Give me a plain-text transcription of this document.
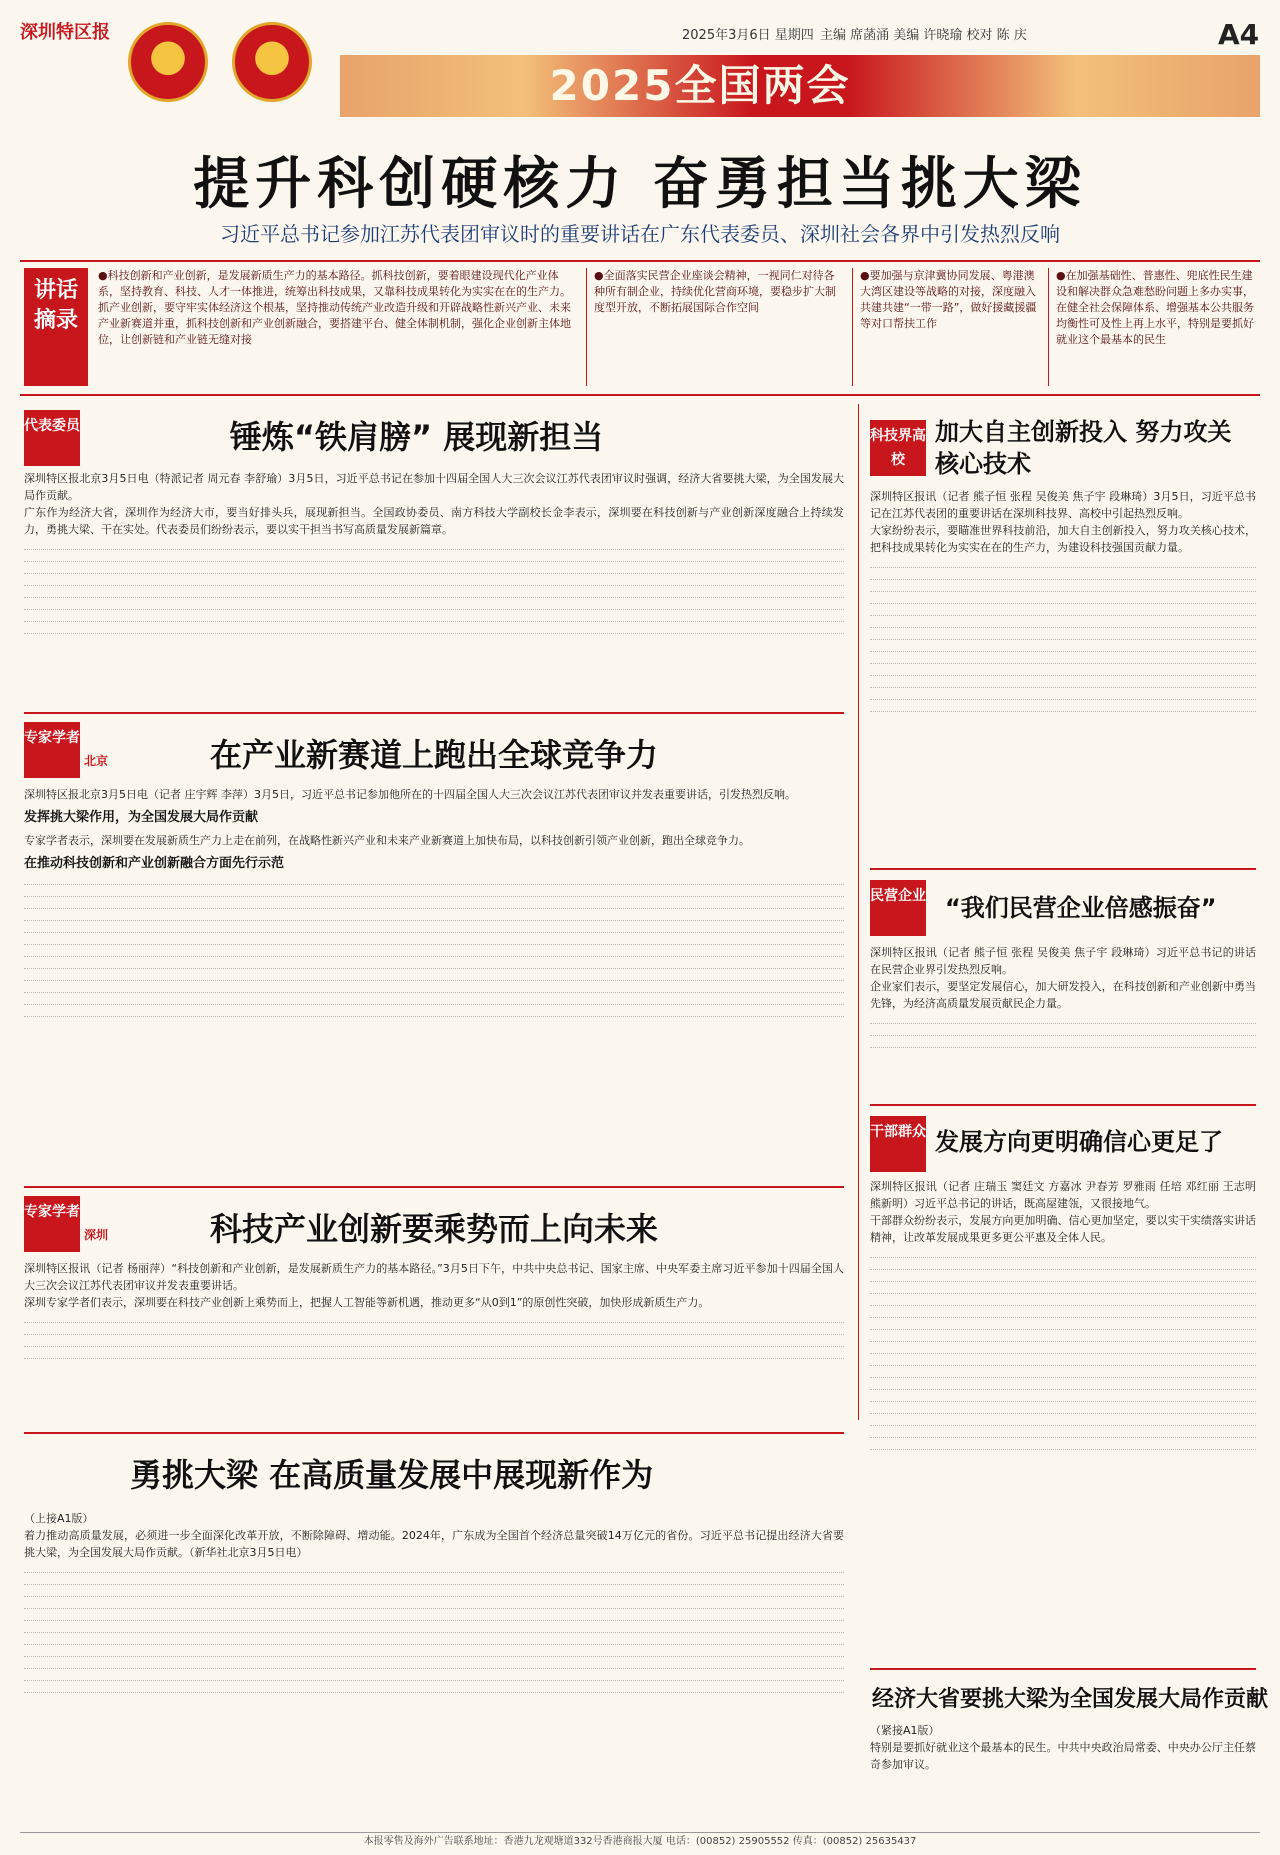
深圳特区报	2025年3月6日 星期四 主编 席菡涌 美编 许晓瑜 校对 陈 庆	A4
2025全国两会
提升科创硬核力 奋勇担当挑大梁
习近平总书记参加江苏代表团审议时的重要讲话在广东代表委员、深圳社会各界中引发热烈反响
讲话摘录
●科技创新和产业创新，是发展新质生产力的基本路径。抓科技创新，要着眼建设现代化产业体系，坚持教育、科技、人才一体推进，统筹出科技成果，又靠科技成果转化为实实在在的生产力。抓产业创新，要守牢实体经济这个根基，坚持推动传统产业改造升级和开辟战略性新兴产业、未来产业新赛道并重，抓科技创新和产业创新融合，要搭建平台、健全体制机制，强化企业创新主体地位，让创新链和产业链无缝对接
●全面落实民营企业座谈会精神，一视同仁对待各种所有制企业，持续优化营商环境，要稳步扩大制度型开放，不断拓展国际合作空间
●要加强与京津冀协同发展、粤港澳大湾区建设等战略的对接，深度融入共建共建“一带一路”，做好援藏援疆等对口帮扶工作
●在加强基础性、普惠性、兜底性民生建设和解决群众急难愁盼问题上多办实事，在健全社会保障体系、增强基本公共服务均衡性可及性上再上水平，特别是要抓好就业这个最基本的民生
代表委员	锤炼“铁肩膀” 展现新担当

深圳特区报北京3月5日电（特派记者 周元春 李舒瑜）3月5日，习近平总书记在参加十四届全国人大三次会议江苏代表团审议时强调，经济大省要挑大梁，为全国发展大局作贡献。

广东作为经济大省，深圳作为经济大市，要当好排头兵，展现新担当。全国政协委员、南方科技大学副校长金李表示，深圳要在科技创新与产业创新深度融合上持续发力，勇挑大梁、干在实处。代表委员们纷纷表示，要以实干担当书写高质量发展新篇章。

专家学者
北京	在产业新赛道上跑出全球竞争力

深圳特区报北京3月5日电（记者 庄宇辉 李萍）3月5日，习近平总书记参加他所在的十四届全国人大三次会议江苏代表团审议并发表重要讲话，引发热烈反响。

发挥挑大梁作用，为全国发展大局作贡献

专家学者表示，深圳要在发展新质生产力上走在前列，在战略性新兴产业和未来产业新赛道上加快布局，以科技创新引领产业创新，跑出全球竞争力。

在推动科技创新和产业创新融合方面先行示范

专家学者
深圳	科技产业创新要乘势而上向未来

深圳特区报讯（记者 杨丽萍）“科技创新和产业创新，是发展新质生产力的基本路径。”3月5日下午，中共中央总书记、国家主席、中央军委主席习近平参加十四届全国人大三次会议江苏代表团审议并发表重要讲话。

深圳专家学者们表示，深圳要在科技产业创新上乘势而上，把握人工智能等新机遇，推动更多“从0到1”的原创性突破，加快形成新质生产力。

勇挑大梁 在高质量发展中展现新作为

（上接A1版）

着力推动高质量发展，必须进一步全面深化改革开放，不断除障碍、增动能。2024年，广东成为全国首个经济总量突破14万亿元的省份。习近平总书记提出经济大省要挑大梁，为全国发展大局作贡献。（新华社北京3月5日电）

科技界高校
加大自主创新投入 努力攻关核心技术

深圳特区报讯（记者 熊子恒 张程 吴俊美 焦子宇 段琳琦）3月5日，习近平总书记在江苏代表团的重要讲话在深圳科技界、高校中引起热烈反响。

大家纷纷表示，要瞄准世界科技前沿，加大自主创新投入，努力攻关核心技术，把科技成果转化为实实在在的生产力，为建设科技强国贡献力量。

民营企业 “我们民营企业倍感振奋”

深圳特区报讯（记者 熊子恒 张程 吴俊美 焦子宇 段琳琦）习近平总书记的讲话在民营企业界引发热烈反响。

企业家们表示，要坚定发展信心，加大研发投入，在科技创新和产业创新中勇当先锋，为经济高质量发展贡献民企力量。

干部群众 发展方向更明确信心更足了

深圳特区报讯（记者 庄瑞玉 窦廷文 方嘉冰 尹春芳 罗雅雨 任培 邓红丽 王志明 熊新明）习近平总书记的讲话，既高屋建瓴，又很接地气。

干部群众纷纷表示，发展方向更加明确、信心更加坚定，要以实干实绩落实讲话精神，让改革发展成果更多更公平惠及全体人民。

经济大省要挑大梁为全国发展大局作贡献

（紧接A1版）

特别是要抓好就业这个最基本的民生。中共中央政治局常委、中央办公厅主任蔡奇参加审议。

本报零售及海外广告联系地址：香港九龙观塘道332号香港商报大厦 电话：(00852) 25905552 传真：(00852) 25635437
